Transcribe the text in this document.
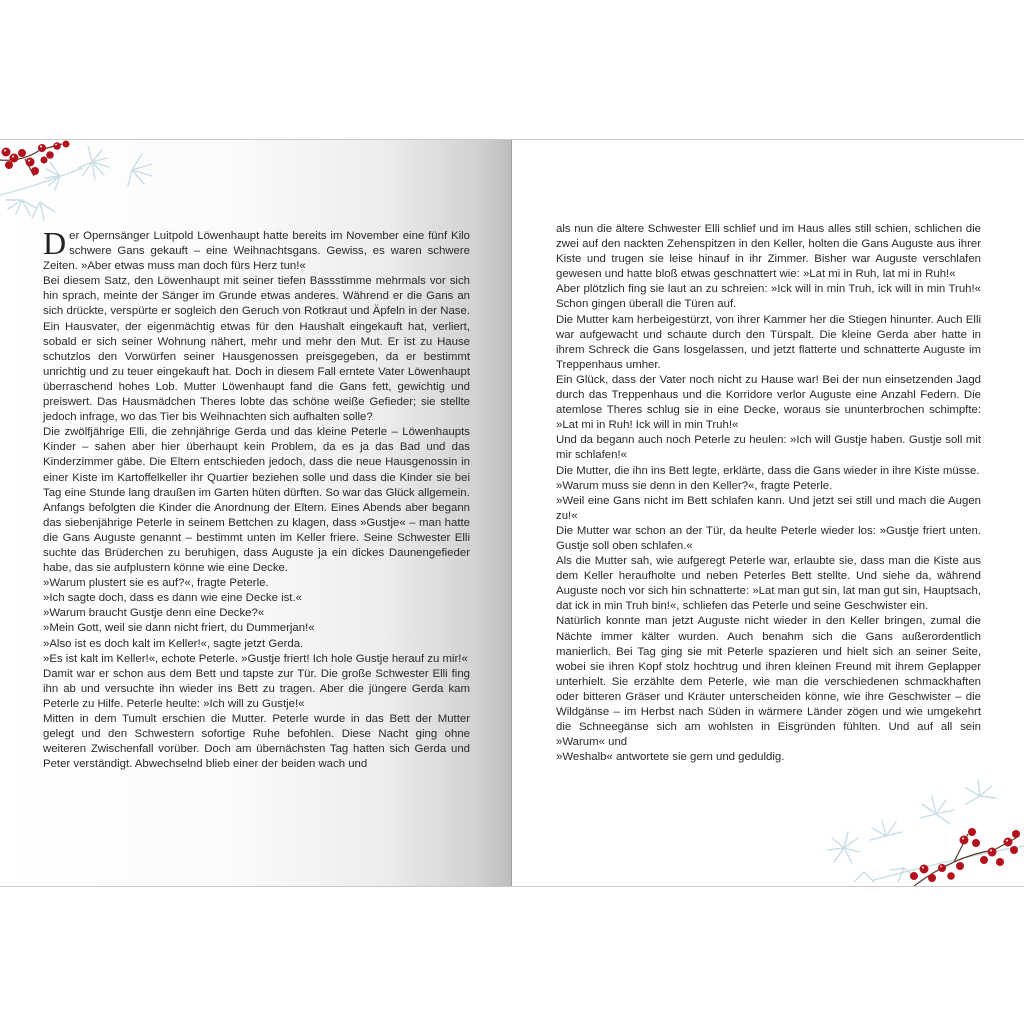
Der Opernsänger Luitpold Löwenhaupt hatte bereits im November eine fünf Kilo schwere Gans gekauft – eine Weihnachtsgans. Gewiss, es waren schwere Zeiten. »Aber etwas muss man doch fürs Herz tun!«

Bei diesem Satz, den Löwenhaupt mit seiner tiefen Bassstimme mehrmals vor sich hin sprach, meinte der Sänger im Grunde etwas anderes. Während er die Gans an sich drückte, verspürte er sogleich den Geruch von Rotkraut und Äpfeln in der Nase. Ein Hausvater, der eigenmächtig etwas für den Haushalt eingekauft hat, verliert, sobald er sich seiner Wohnung nähert, mehr und mehr den Mut. Er ist zu Hause schutzlos den Vorwürfen seiner Hausgenossen preisgegeben, da er bestimmt unrichtig und zu teuer eingekauft hat. Doch in diesem Fall erntete Vater Löwenhaupt überraschend hohes Lob. Mutter Löwenhaupt fand die Gans fett, gewichtig und preiswert. Das Hausmädchen Theres lobte das schöne weiße Gefieder; sie stellte jedoch infrage, wo das Tier bis Weihnachten sich aufhalten solle?

Die zwölfjährige Elli, die zehnjährige Gerda und das kleine Peterle – Löwenhaupts Kinder – sahen aber hier überhaupt kein Problem, da es ja das Bad und das Kinderzimmer gäbe. Die Eltern entschieden jedoch, dass die neue Hausgenossin in einer Kiste im Kartoffelkeller ihr Quartier beziehen solle und dass die Kinder sie bei Tag eine Stunde lang draußen im Garten hüten dürften. So war das Glück allgemein.

Anfangs befolgten die Kinder die Anordnung der Eltern. Eines Abends aber begann das siebenjährige Peterle in seinem Bettchen zu klagen, dass »Gustje« – man hatte die Gans Auguste genannt – bestimmt unten im Keller friere. Seine Schwester Elli suchte das Brüderchen zu beruhigen, dass Auguste ja ein dickes Daunengefieder habe, das sie aufplustern könne wie eine Decke.

»Warum plustert sie es auf?«, fragte Peterle.

»Ich sagte doch, dass es dann wie eine Decke ist.«

»Warum braucht Gustje denn eine Decke?«

»Mein Gott, weil sie dann nicht friert, du Dummerjan!«

»Also ist es doch kalt im Keller!«, sagte jetzt Gerda.

»Es ist kalt im Keller!«, echote Peterle. »Gustje friert! Ich hole Gustje herauf zu mir!«

Damit war er schon aus dem Bett und tapste zur Tür. Die große Schwester Elli fing ihn ab und versuchte ihn wieder ins Bett zu tragen. Aber die jüngere Gerda kam Peterle zu Hilfe. Peterle heulte: »Ich will zu Gustje!«

Mitten in dem Tumult erschien die Mutter. Peterle wurde in das Bett der Mutter gelegt und den Schwestern sofortige Ruhe befohlen. Diese Nacht ging ohne weiteren Zwischenfall vorüber. Doch am übernächsten Tag hatten sich Gerda und Peter verständigt. Abwechselnd blieb einer der beiden wach und

als nun die ältere Schwester Elli schlief und im Haus alles still schien, schlichen die zwei auf den nackten Zehenspitzen in den Keller, holten die Gans Auguste aus ihrer Kiste und trugen sie leise hinauf in ihr Zimmer. Bisher war Auguste verschlafen gewesen und hatte bloß etwas geschnattert wie: »Lat mi in Ruh, lat mi in Ruh!«

Aber plötzlich fing sie laut an zu schreien: »Ick will in min Truh, ick will in min Truh!« Schon gingen überall die Türen auf.

Die Mutter kam herbeigestürzt, von ihrer Kammer her die Stiegen hinunter. Auch Elli war aufgewacht und schaute durch den Türspalt. Die kleine Gerda aber hatte in ihrem Schreck die Gans losgelassen, und jetzt flatterte und schnatterte Auguste im Treppenhaus umher.

Ein Glück, dass der Vater noch nicht zu Hause war! Bei der nun einsetzenden Jagd durch das Treppenhaus und die Korridore verlor Auguste eine Anzahl Federn. Die atemlose Theres schlug sie in eine Decke, woraus sie ununterbrochen schimpfte: »Lat mi in Ruh! Ick will in min Truh!«

Und da begann auch noch Peterle zu heulen: »Ich will Gustje haben. Gustje soll mit mir schlafen!«

Die Mutter, die ihn ins Bett legte, erklärte, dass die Gans wieder in ihre Kiste müsse.

»Warum muss sie denn in den Keller?«, fragte Peterle.

»Weil eine Gans nicht im Bett schlafen kann. Und jetzt sei still und mach die Augen zu!«

Die Mutter war schon an der Tür, da heulte Peterle wieder los: »Gustje friert unten. Gustje soll oben schlafen.«

Als die Mutter sah, wie aufgeregt Peterle war, erlaubte sie, dass man die Kiste aus dem Keller heraufholte und neben Peterles Bett stellte. Und siehe da, während Auguste noch vor sich hin schnatterte: »Lat man gut sin, lat man gut sin, Hauptsach, dat ick in min Truh bin!«, schliefen das Peterle und seine Geschwister ein.

Natürlich konnte man jetzt Auguste nicht wieder in den Keller bringen, zumal die Nächte immer kälter wurden. Auch benahm sich die Gans außerordentlich manierlich. Bei Tag ging sie mit Peterle spazieren und hielt sich an seiner Seite, wobei sie ihren Kopf stolz hochtrug und ihren kleinen Freund mit ihrem Geplapper unterhielt. Sie erzählte dem Peterle, wie man die verschiedenen schmackhaften oder bitteren Gräser und Kräuter unterscheiden könne, wie ihre Geschwister – die Wildgänse – im Herbst nach Süden in wärmere Länder zögen und wie umgekehrt die Schneegänse sich am wohlsten in Eisgründen fühlten. Und auf all sein »Warum« und

»Weshalb« antwortete sie gern und geduldig.
